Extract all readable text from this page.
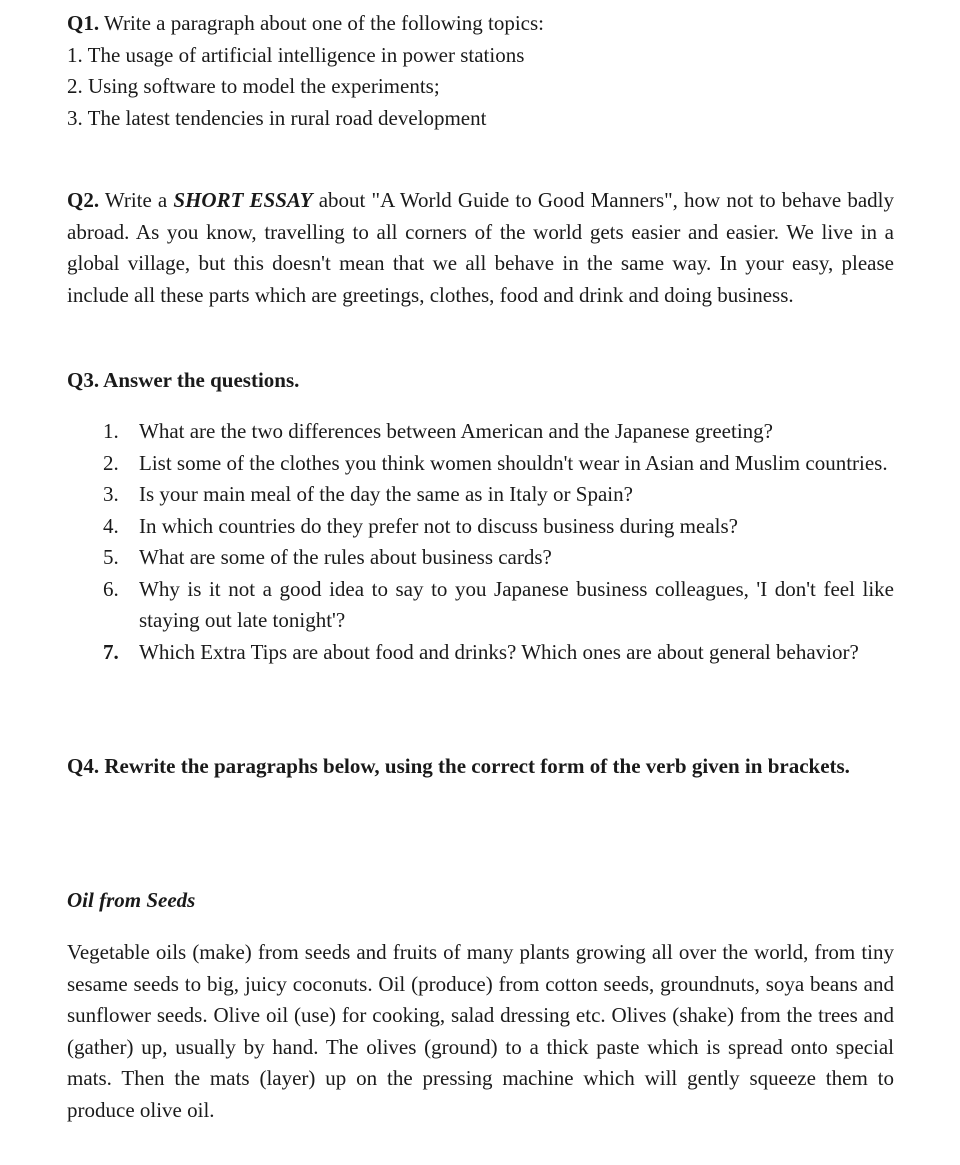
Q1. Write a paragraph about one of the following topics:
1. The usage of artificial intelligence in power stations
2. Using software to model the experiments;
3. The latest tendencies in rural road development
Q2. Write a SHORT ESSAY about "A World Guide to Good Manners", how not to behave badly abroad. As you know, travelling to all corners of the world gets easier and easier. We live in a global village, but this doesn't mean that we all behave in the same way. In your easy, please include all these parts which are greetings, clothes, food and drink and doing business.
Q3. Answer the questions.
1. What are the two differences between American and the Japanese greeting?
2. List some of the clothes you think women shouldn't wear in Asian and Muslim countries.
3. Is your main meal of the day the same as in Italy or Spain?
4. In which countries do they prefer not to discuss business during meals?
5. What are some of the rules about business cards?
6. Why is it not a good idea to say to you Japanese business colleagues, 'I don't feel like staying out late tonight'?
7. Which Extra Tips are about food and drinks? Which ones are about general behavior?
Q4. Rewrite the paragraphs below, using the correct form of the verb given in brackets.
Oil from Seeds
Vegetable oils (make) from seeds and fruits of many plants growing all over the world, from tiny sesame seeds to big, juicy coconuts. Oil (produce) from cotton seeds, groundnuts, soya beans and sunflower seeds. Olive oil (use) for cooking, salad dressing etc. Olives (shake) from the trees and (gather) up, usually by hand. The olives (ground) to a thick paste which is spread onto special mats. Then the mats (layer) up on the pressing machine which will gently squeeze them to produce olive oil.
